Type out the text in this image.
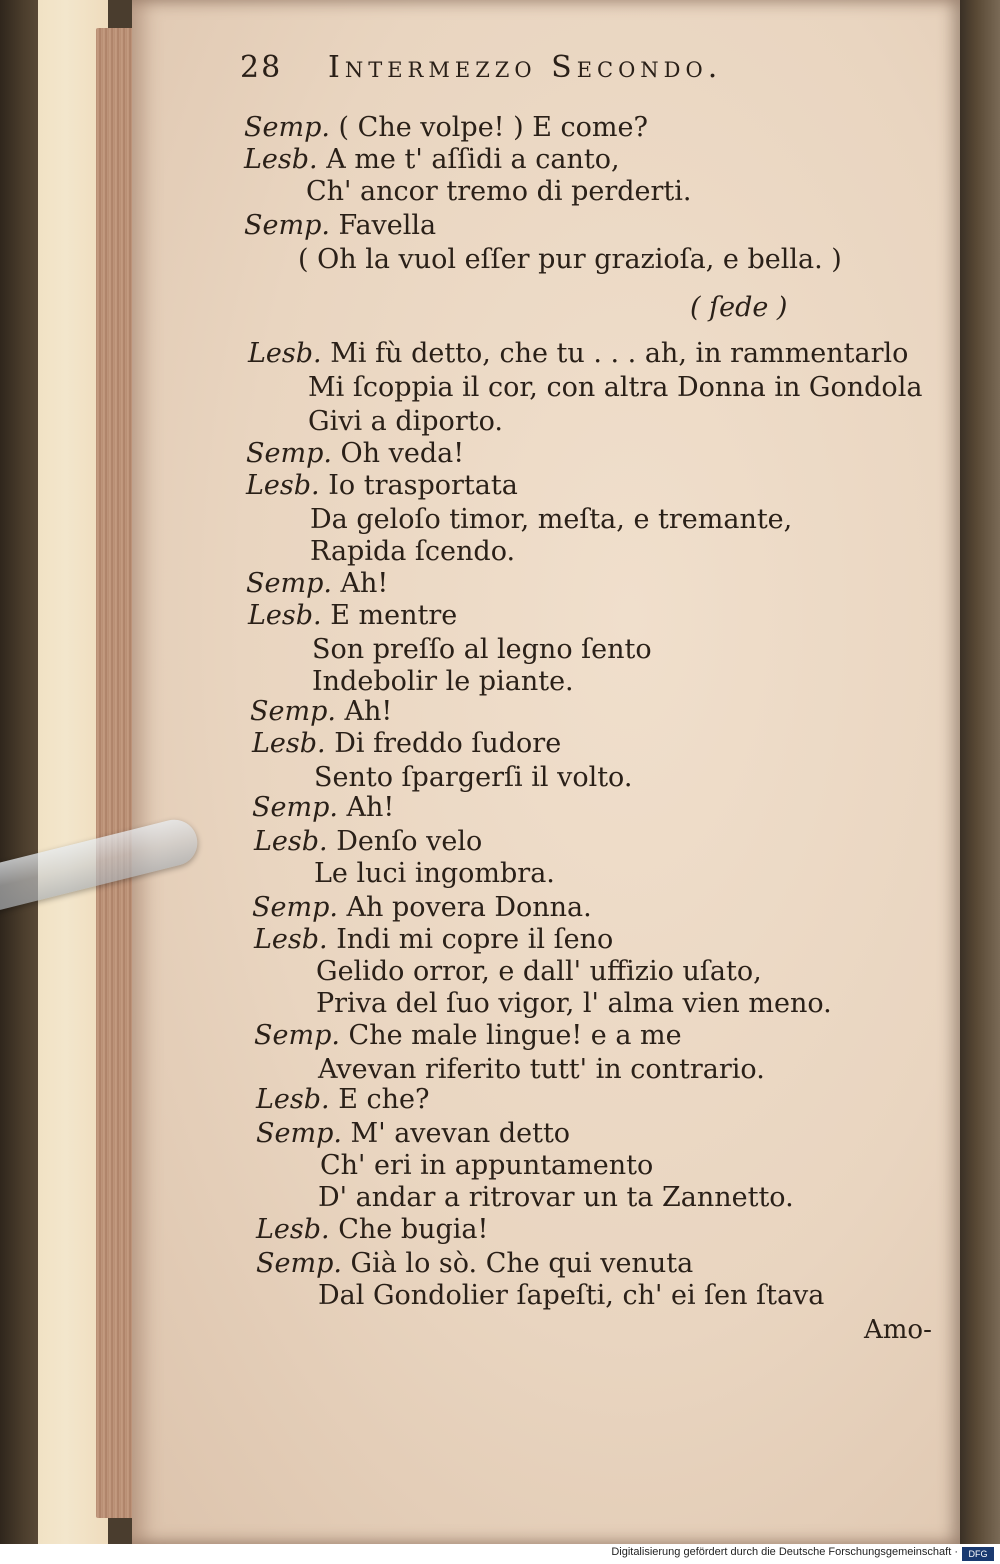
28 Intermezzo Secondo.
Semp. ( Che volpe! ) E come?
Lesb. A me t' aſſidi a canto,
Ch' ancor tremo di perderti.
Semp. Favella
( Oh la vuol eſſer pur grazioſa, e bella. )
( ſede )
Lesb. Mi fù detto, che tu . . . ah, in rammentarlo
Mi ſcoppia il cor, con altra Donna in Gondola
Givi a diporto.
Semp. Oh veda!
Lesb. Io trasportata
Da geloſo timor, meſta, e tremante,
Rapida ſcendo.
Semp. Ah!
Lesb. E mentre
Son preſſo al legno ſento
Indebolir le piante.
Semp. Ah!
Lesb. Di freddo ſudore
Sento ſpargerſi il volto.
Semp. Ah!
Lesb. Denſo velo
Le luci ingombra.
Semp. Ah povera Donna.
Lesb. Indi mi copre il ſeno
Gelido orror, e dall' uffizio uſato,
Priva del ſuo vigor, l' alma vien meno.
Semp. Che male lingue! e a me
Avevan riferito tutt' in contrario.
Lesb. E che?
Semp. M' avevan detto
Ch' eri in appuntamento
D' andar a ritrovar un ta Zannetto.
Lesb. Che bugia!
Semp. Già lo sò. Che qui venuta
Dal Gondolier ſapeſti, ch' ei ſen ſtava
Amo-
Digitalisierung gefördert durch die Deutsche Forschungsgemeinschaft ·	DFG
